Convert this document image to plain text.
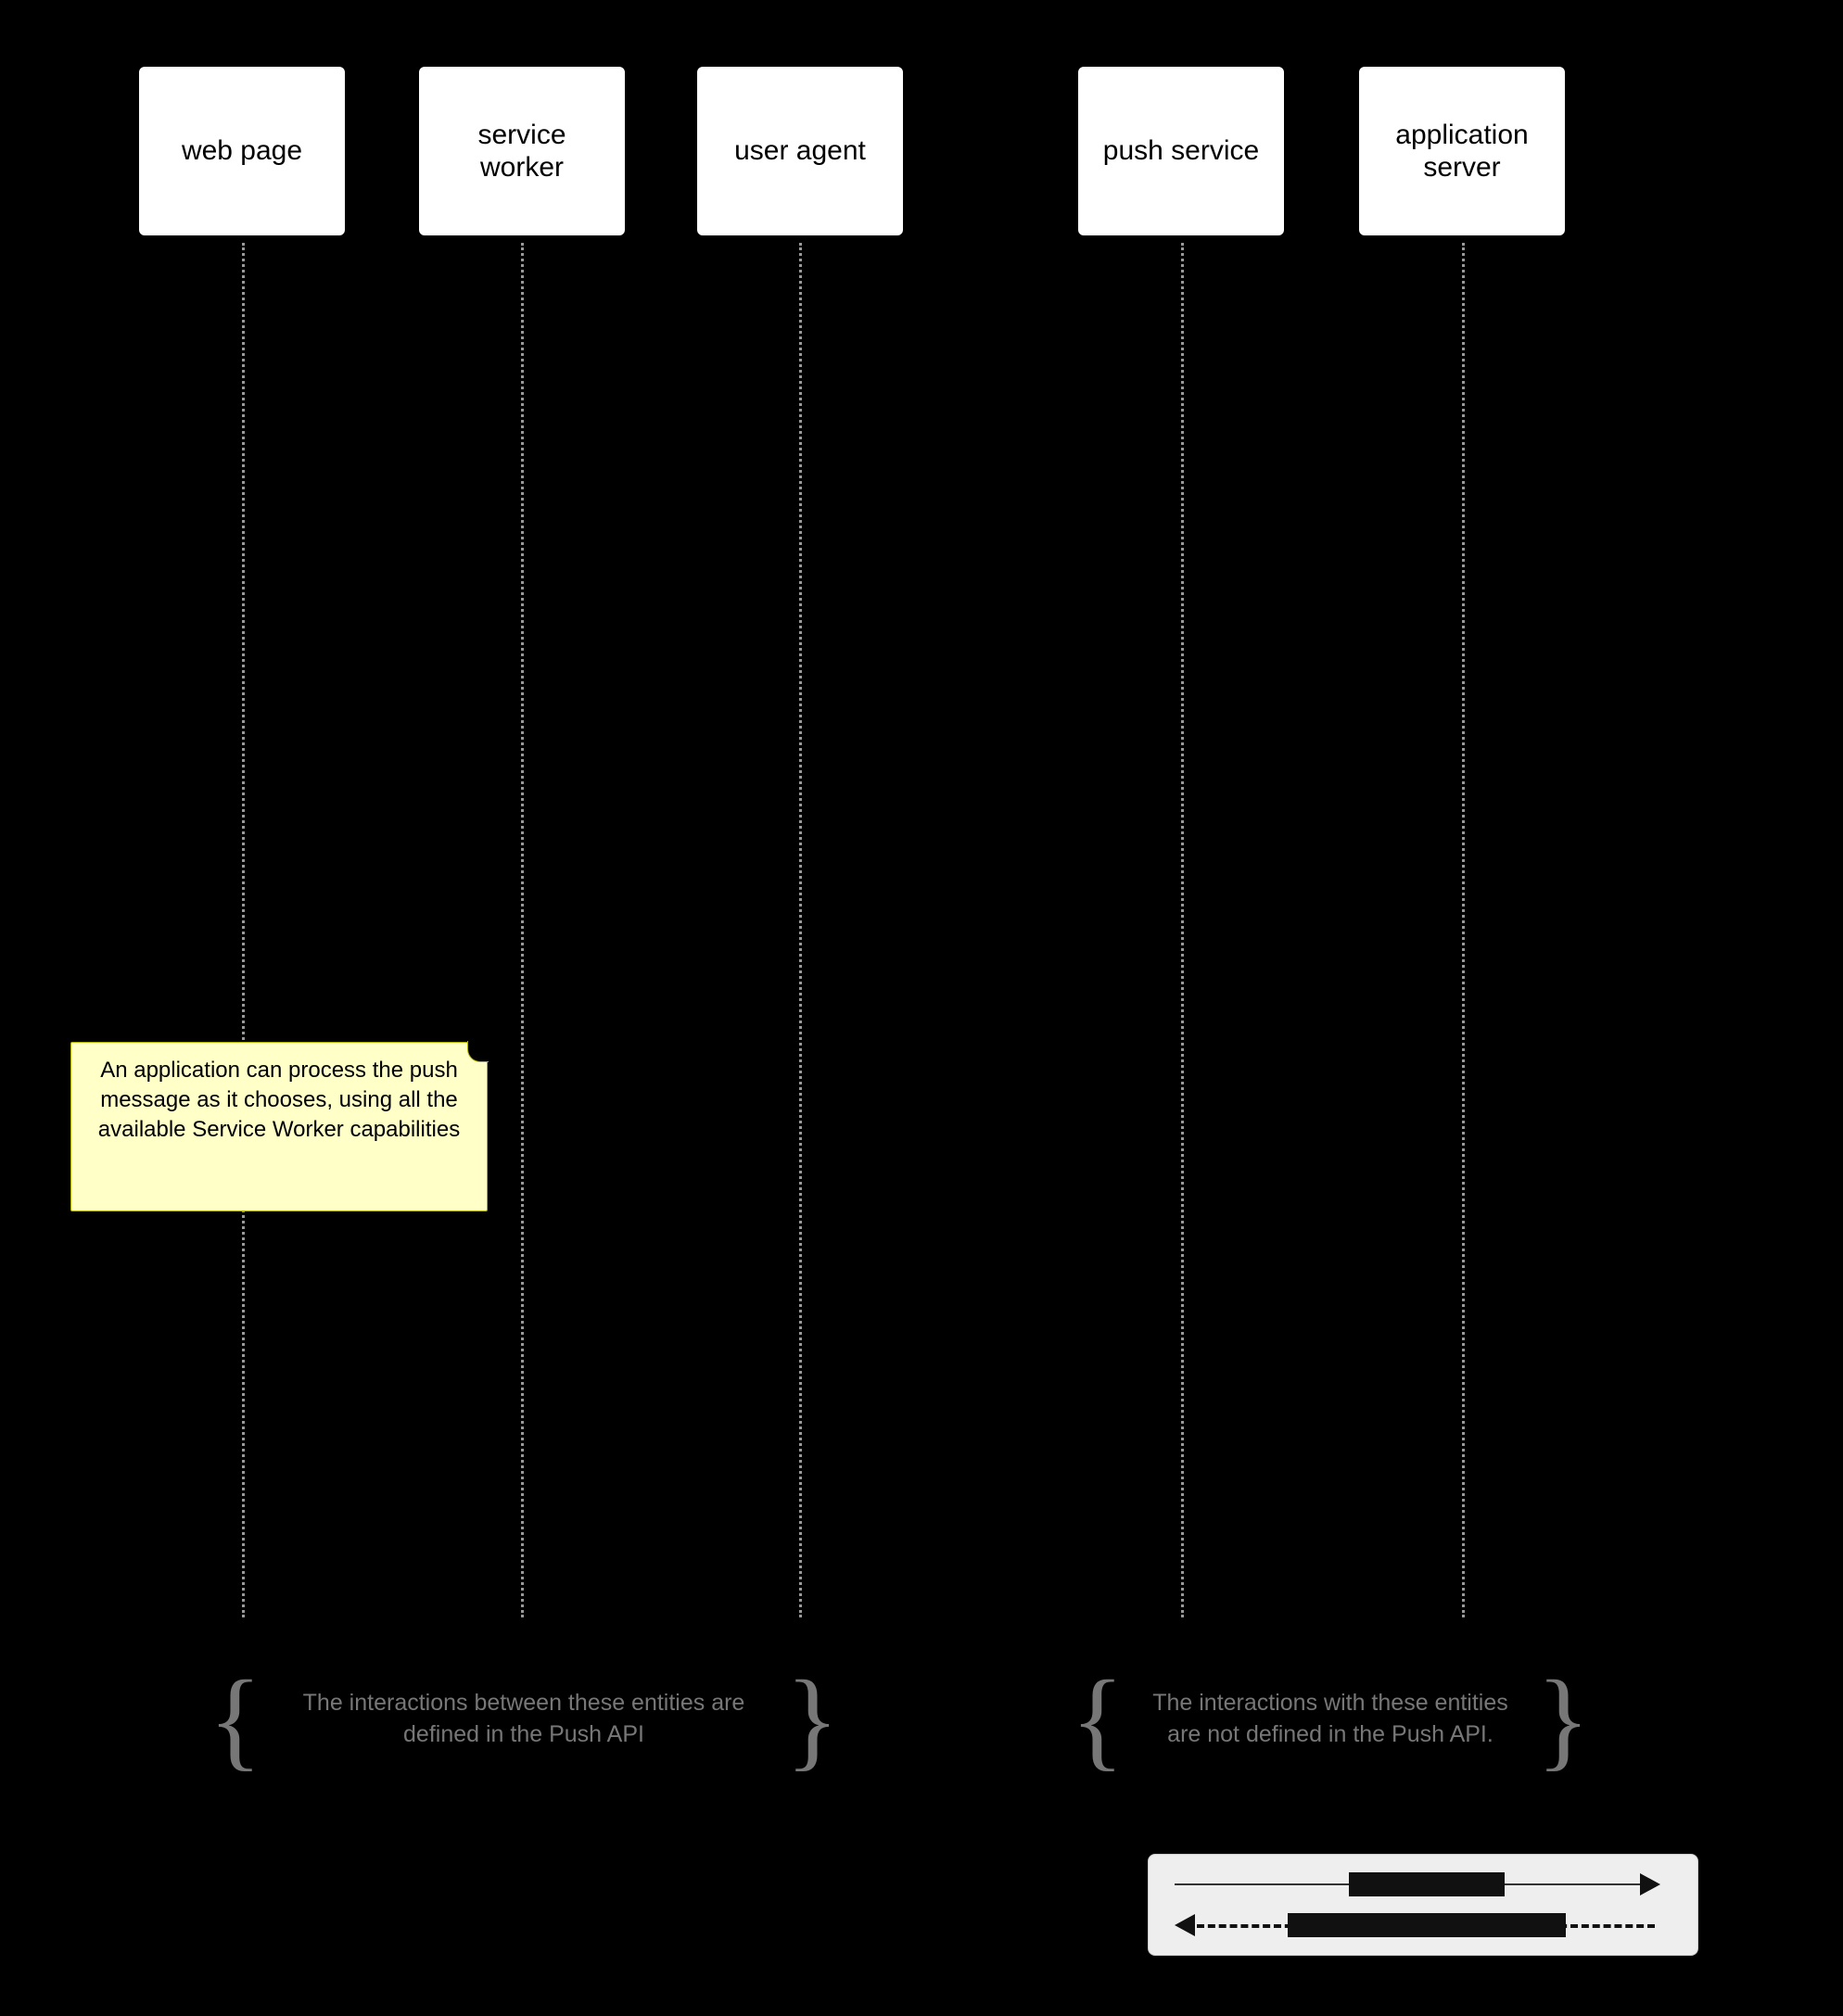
web page
service
worker
user agent	push service
application
server
An application can process the push message as it chooses, using all the available Service Worker capabilities
{	The interactions between these entities are defined in the Push API	} {	The interactions with these entities are not defined in the Push API. }
